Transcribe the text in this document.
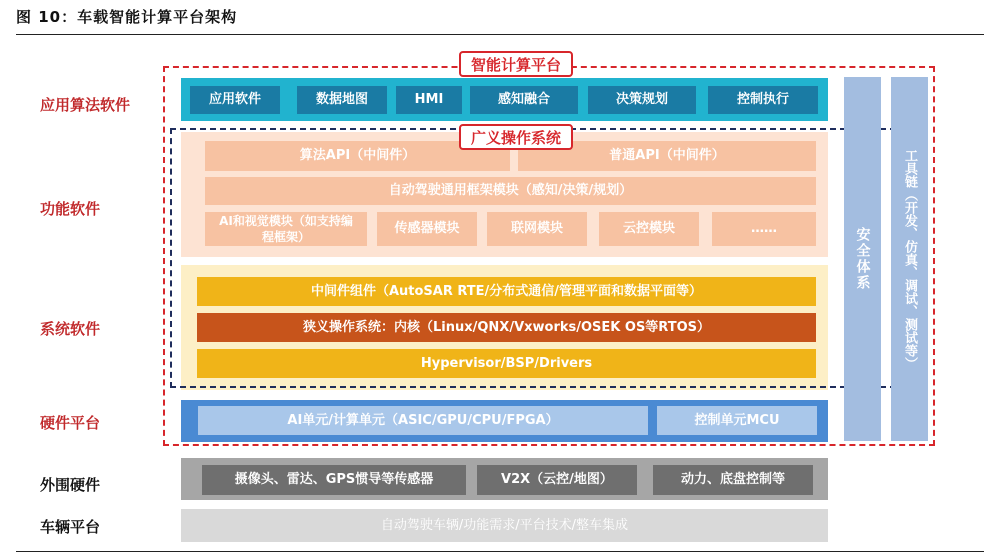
图 10：车载智能计算平台架构
应用算法软件
功能软件
系统软件
硬件平台
外围硬件
车辆平台
应用软件	数据地图	HMI	感知融合	决策规划	控制执行
算法API（中间件）	普通API（中间件）
自动驾驶通用框架模块（感知/决策/规划）
AI和视觉模块（如支持编程框架）
传感器模块	联网模块	云控模块	……
中间件组件（AutoSAR RTE/分布式通信/管理平面和数据平面等）
狭义操作系统：内核（Linux/QNX/Vxworks/OSEK OS等RTOS）
Hypervisor/BSP/Drivers
AI单元/计算单元（ASIC/GPU/CPU/FPGA）	控制单元MCU
安全体系	工具链（开发、仿真、调试、测试等）
智能计算平台
广义操作系统
摄像头、雷达、GPS惯导等传感器	V2X（云控/地图）	动力、底盘控制等
自动驾驶车辆/功能需求/平台技术/整车集成
